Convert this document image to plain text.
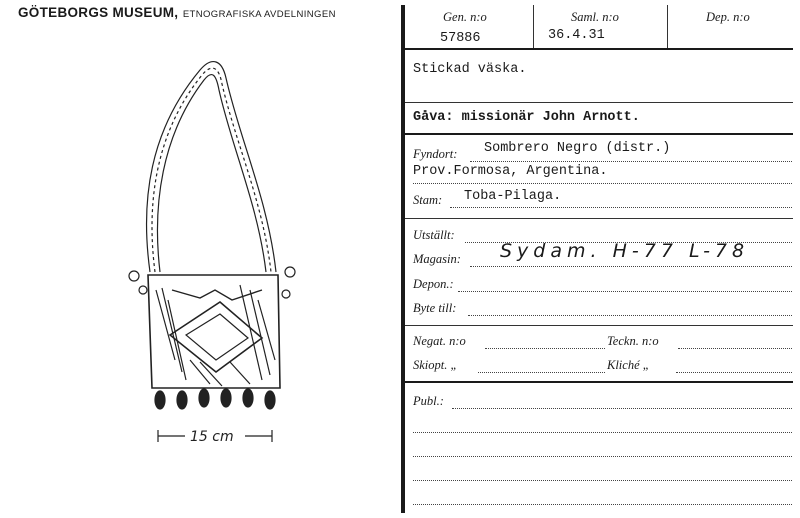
GÖTEBORGS MUSEUM, ETNOGRAFISKA AVDELNINGEN
15 cm
Gen. n:o	Saml. n:o	Dep. n:o
57886	36.4.31
Stickad väska.
Gåva: missionär John Arnott.
Fyndort: Sombrero Negro (distr.)
Prov.Formosa, Argentina.
Stam: Toba-Pilaga.
Utställt:
Magasin: Sydam. H-77 L-78
Depon.:
Byte till:
Negat. n:o	Teckn. n:o
Skiopt. „	Kliché „
Publ.:
